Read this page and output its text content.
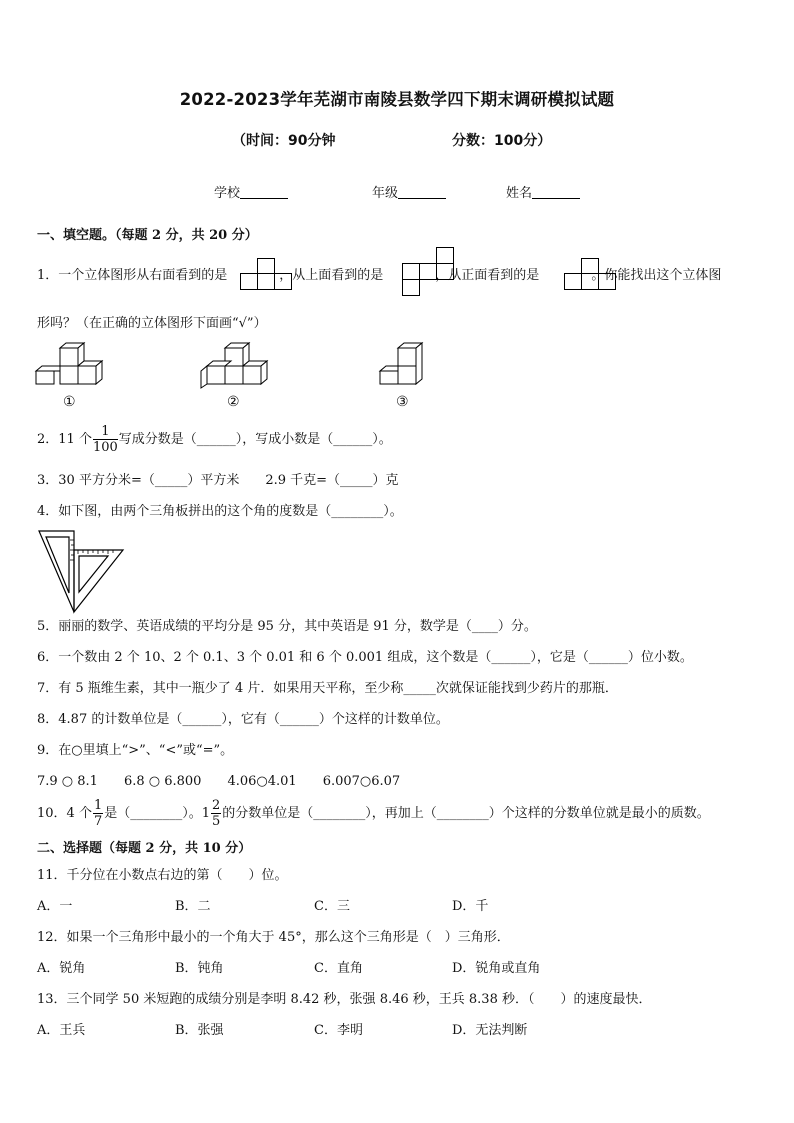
2022-2023学年芜湖市南陵县数学四下期末调研模拟试题
（时间：90分钟	分数：100分）
学校	年级	姓名
一、填空题。（每题 2 分，共 20 分）
1．一个立体图形从右面看到的是	，从上面看到的是	，从正面看到的是	。你能找出这个立体图
形吗？（在正确的立体图形下面画“√”）
①	②	③
2．11 个 $\frac{1}{100}$ 写成分数是（______），写成小数是（______）。
3．30 平方分米=（_____）平方米　　2.9 千克=（_____）克
4．如下图，由两个三角板拼出的这个角的度数是（________）。
5．丽丽的数学、英语成绩的平均分是 95 分，其中英语是 91 分，数学是（____）分。
6．一个数由 2 个 10、2 个 0.1、3 个 0.01 和 6 个 0.001 组成，这个数是（______），它是（______）位小数。
7．有 5 瓶维生素，其中一瓶少了 4 片．如果用天平称，至少称_____次就保证能找到少药片的那瓶．
8．4.87 的计数单位是（______），它有（______）个这样的计数单位。
9．在○里填上“>”、“<”或“=”。
7.9 ○ 8.1　　6.8 ○ 6.800　　4.06○4.01　　6.007○6.07
10．4 个 $\frac{1}{7}$ 是（________）。$1 \frac{2}{5}$ 的分数单位是（________），再加上（________）个这样的分数单位就是最小的质数。
二、选择题（每题 2 分，共 10 分）
11．千分位在小数点右边的第（　　）位。
A．一	B．二	C．三	D．千
12．如果一个三角形中最小的一个角大于 45°，那么这个三角形是（　）三角形．
A．锐角	B．钝角	C．直角	D．锐角或直角
13．三个同学 50 米短跑的成绩分别是李明 8.42 秒，张强 8.46 秒，王兵 8.38 秒．（　　）的速度最快．
A．王兵	B．张强	C．李明	D．无法判断
